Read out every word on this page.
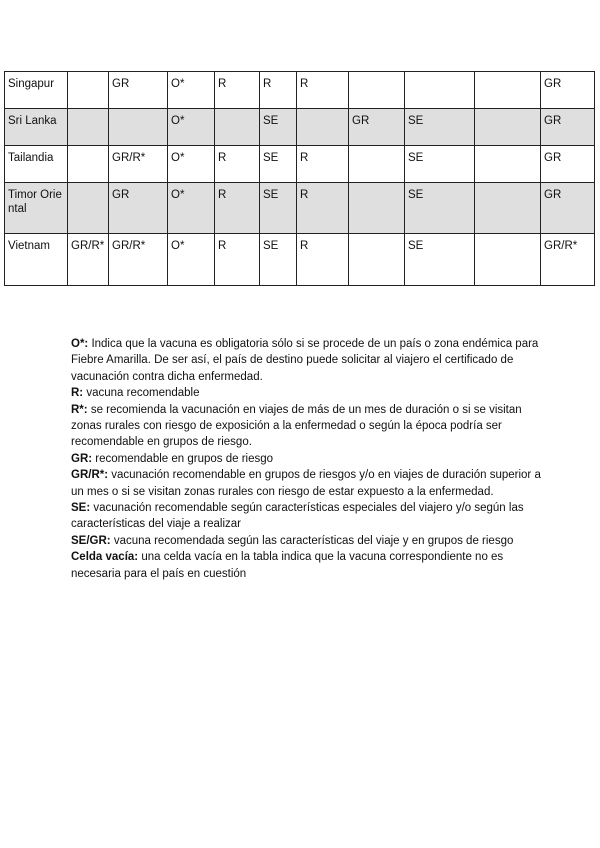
Singapur		GR	O*	R	R	R				GR
Sri Lanka			O*		SE		GR	SE		GR
Tailandia		GR/R*	O*	R	SE	R		SE		GR
Timor Oriental		GR	O*	R	SE	R		SE		GR
Vietnam	GR/R*	GR/R*	O*	R	SE	R		SE		GR/R*

O*: Indica que la vacuna es obligatoria sólo si se procede de un país o zona endémica para Fiebre Amarilla. De ser así, el país de destino puede solicitar al viajero el certificado de vacunación contra dicha enfermedad.

R: vacuna recomendable

R*: se recomienda la vacunación en viajes de más de un mes de duración o si se visitan zonas rurales con riesgo de exposición a la enfermedad o según la época podría ser recomendable en grupos de riesgo.

GR: recomendable en grupos de riesgo

GR/R*: vacunación recomendable en grupos de riesgos y/o en viajes de duración superior a un mes o si se visitan zonas rurales con riesgo de estar expuesto a la enfermedad.

SE: vacunación recomendable según características especiales del viajero y/o según las características del viaje a realizar

SE/GR: vacuna recomendada según las características del viaje y en grupos de riesgo

Celda vacía: una celda vacía en la tabla indica que la vacuna correspondiente no es necesaria para el país en cuestión
